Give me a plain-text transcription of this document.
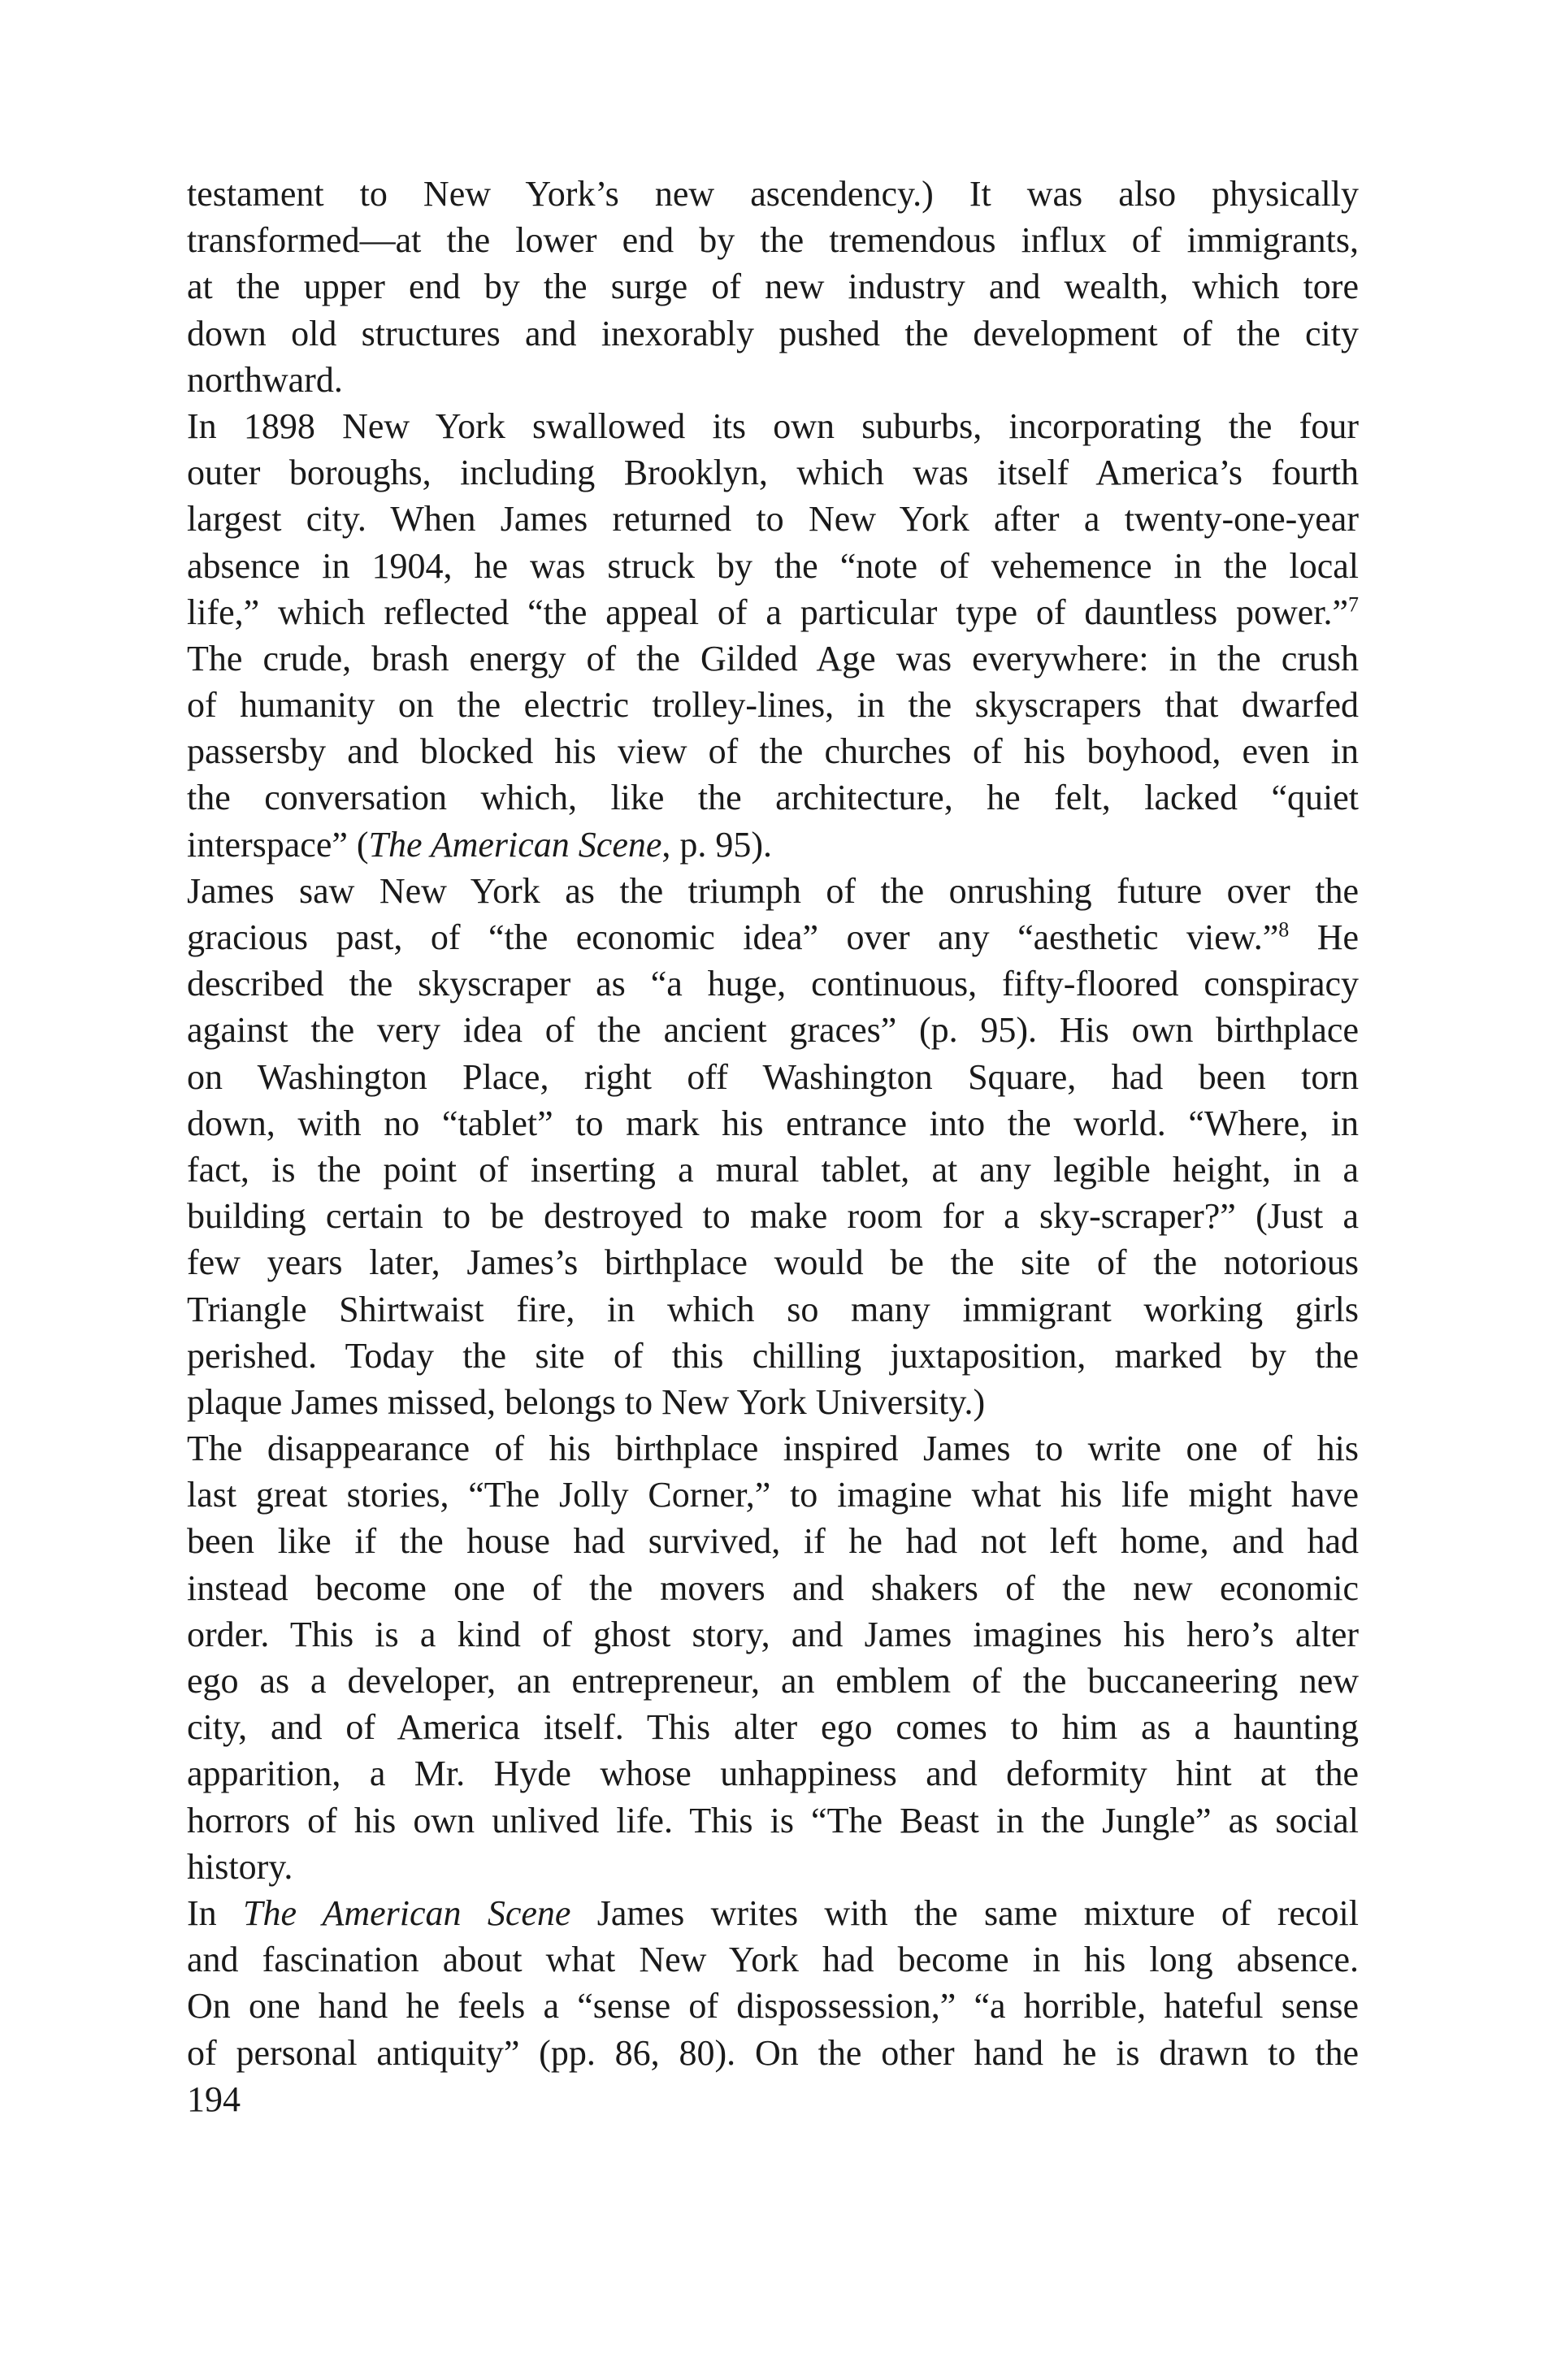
testament to New York’s new ascendency.) It was also physically
transformed—at the lower end by the tremendous influx of immigrants,
at the upper end by the surge of new industry and wealth, which tore
down old structures and inexorably pushed the development of the city
northward.
In 1898 New York swallowed its own suburbs, incorporating the four
outer boroughs, including Brooklyn, which was itself America’s fourth
largest city. When James returned to New York after a twenty-one-year
absence in 1904, he was struck by the “note of vehemence in the local
life,” which reflected “the appeal of a particular type of dauntless power.”$^7$
The crude, brash energy of the Gilded Age was everywhere: in the crush
of humanity on the electric trolley-lines, in the skyscrapers that dwarfed
passersby and blocked his view of the churches of his boyhood, even in
the conversation which, like the architecture, he felt, lacked “quiet
interspace” (The American Scene, p. 95).
James saw New York as the triumph of the onrushing future over the
gracious past, of “the economic idea” over any “aesthetic view.”$^8$ He
described the skyscraper as “a huge, continuous, fifty-floored conspiracy
against the very idea of the ancient graces” (p. 95). His own birthplace
on Washington Place, right off Washington Square, had been torn
down, with no “tablet” to mark his entrance into the world. “Where, in
fact, is the point of inserting a mural tablet, at any legible height, in a
building certain to be destroyed to make room for a sky-scraper?” (Just a
few years later, James’s birthplace would be the site of the notorious
Triangle Shirtwaist fire, in which so many immigrant working girls
perished. Today the site of this chilling juxtaposition, marked by the
plaque James missed, belongs to New York University.)
The disappearance of his birthplace inspired James to write one of his
last great stories, “The Jolly Corner,” to imagine what his life might have
been like if the house had survived, if he had not left home, and had
instead become one of the movers and shakers of the new economic
order. This is a kind of ghost story, and James imagines his hero’s alter
ego as a developer, an entrepreneur, an emblem of the buccaneering new
city, and of America itself. This alter ego comes to him as a haunting
apparition, a Mr. Hyde whose unhappiness and deformity hint at the
horrors of his own unlived life. This is “The Beast in the Jungle” as social
history.
In The American Scene James writes with the same mixture of recoil
and fascination about what New York had become in his long absence.
On one hand he feels a “sense of dispossession,” “a horrible, hateful sense
of personal antiquity” (pp. 86, 80). On the other hand he is drawn to the
194
